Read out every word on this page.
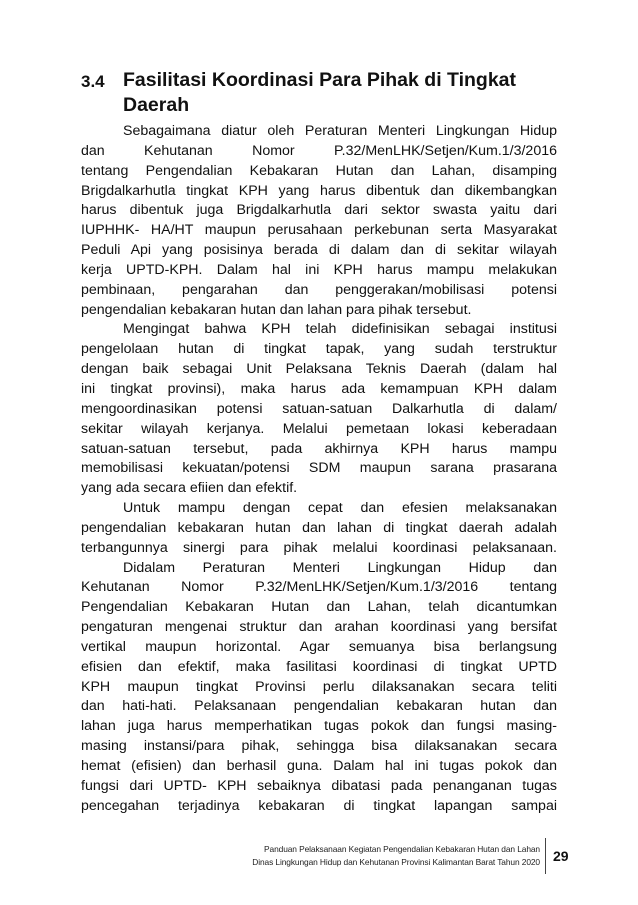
3.4 Fasilitasi Koordinasi Para Pihak di Tingkat
Daerah
Sebagaimana diatur oleh Peraturan Menteri Lingkungan Hidup
dan Kehutanan Nomor P.32/MenLHK/Setjen/Kum.1/3/2016
tentang Pengendalian Kebakaran Hutan dan Lahan, disamping
Brigdalkarhutla tingkat KPH yang harus dibentuk dan dikembangkan
harus dibentuk juga Brigdalkarhutla dari sektor swasta yaitu dari
IUPHHK- HA/HT maupun perusahaan perkebunan serta Masyarakat
Peduli Api yang posisinya berada di dalam dan di sekitar wilayah
kerja UPTD-KPH. Dalam hal ini KPH harus mampu melakukan
pembinaan, pengarahan dan penggerakan/mobilisasi potensi
pengendalian kebakaran hutan dan lahan para pihak tersebut.
Mengingat bahwa KPH telah didefinisikan sebagai institusi
pengelolaan hutan di tingkat tapak, yang sudah terstruktur
dengan baik sebagai Unit Pelaksana Teknis Daerah (dalam hal
ini tingkat provinsi), maka harus ada kemampuan KPH dalam
mengoordinasikan potensi satuan-satuan Dalkarhutla di dalam/
sekitar wilayah kerjanya. Melalui pemetaan lokasi keberadaan
satuan-satuan tersebut, pada akhirnya KPH harus mampu
memobilisasi kekuatan/potensi SDM maupun sarana prasarana
yang ada secara efiien dan efektif.
Untuk mampu dengan cepat dan efesien melaksanakan
pengendalian kebakaran hutan dan lahan di tingkat daerah adalah
terbangunnya sinergi para pihak melalui koordinasi pelaksanaan.
Didalam Peraturan Menteri Lingkungan Hidup dan
Kehutanan Nomor P.32/MenLHK/Setjen/Kum.1/3/2016 tentang
Pengendalian Kebakaran Hutan dan Lahan, telah dicantumkan
pengaturan mengenai struktur dan arahan koordinasi yang bersifat
vertikal maupun horizontal. Agar semuanya bisa berlangsung
efisien dan efektif, maka fasilitasi koordinasi di tingkat UPTD
KPH maupun tingkat Provinsi perlu dilaksanakan secara teliti
dan hati-hati. Pelaksanaan pengendalian kebakaran hutan dan
lahan juga harus memperhatikan tugas pokok dan fungsi masing-
masing instansi/para pihak, sehingga bisa dilaksanakan secara
hemat (efisien) dan berhasil guna. Dalam hal ini tugas pokok dan
fungsi dari UPTD- KPH sebaiknya dibatasi pada penanganan tugas
pencegahan terjadinya kebakaran di tingkat lapangan sampai
Panduan Pelaksanaan Kegiatan Pengendalian Kebakaran Hutan dan Lahan
Dinas Lingkungan Hidup dan Kehutanan Provinsi Kalimantan Barat Tahun 2020 29
